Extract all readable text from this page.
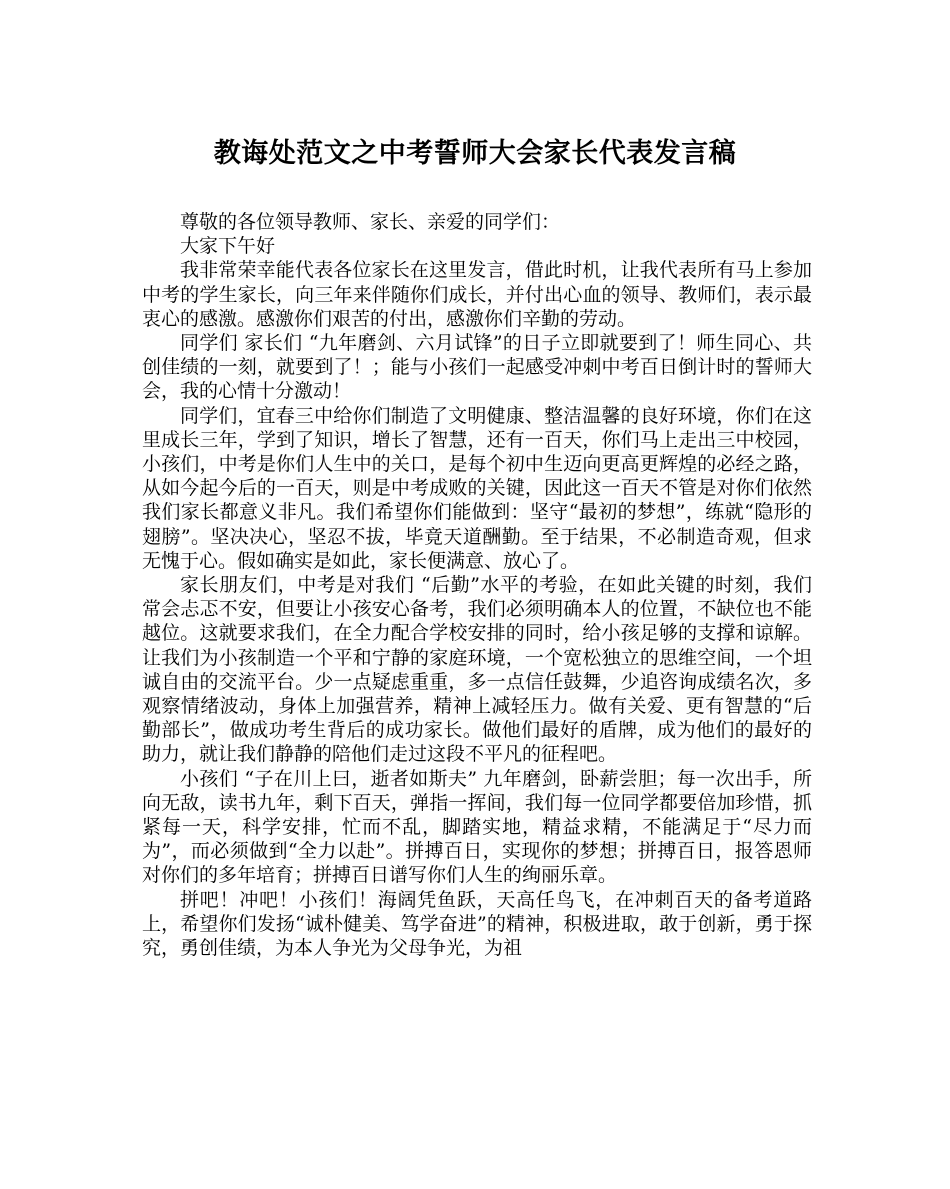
教诲处范文之中考誓师大会家长代表发言稿

尊敬的各位领导教师、家长、亲爱的同学们：

大家下午好

我非常荣幸能代表各位家长在这里发言，借此时机，让我代表所有马上参加中考的学生家长，向三年来伴随你们成长，并付出心血的领导、教师们，表示最衷心的感激。感激你们艰苦的付出，感激你们辛勤的劳动。

同学们 家长们 “九年磨剑、六月试锋”的日子立即就要到了！师生同心、共创佳绩的一刻，就要到了！；能与小孩们一起感受冲刺中考百日倒计时的誓师大会，我的心情十分激动！

同学们，宜春三中给你们制造了文明健康、整洁温馨的良好环境，你们在这里成长三年，学到了知识，增长了智慧，还有一百天，你们马上走出三中校园，小孩们，中考是你们人生中的关口，是每个初中生迈向更高更辉煌的必经之路，从如今起今后的一百天，则是中考成败的关键，因此这一百天不管是对你们依然我们家长都意义非凡。我们希望你们能做到：坚守“最初的梦想”，练就“隐形的翅膀”。坚决决心，坚忍不拔，毕竟天道酬勤。至于结果，不必制造奇观，但求无愧于心。假如确实是如此，家长便满意、放心了。

家长朋友们，中考是对我们 “后勤”水平的考验，在如此关键的时刻，我们常会忐忑不安，但要让小孩安心备考，我们必须明确本人的位置，不缺位也不能越位。这就要求我们，在全力配合学校安排的同时，给小孩足够的支撑和谅解。让我们为小孩制造一个平和宁静的家庭环境，一个宽松独立的思维空间，一个坦诚自由的交流平台。少一点疑虑重重，多一点信任鼓舞，少追咨询成绩名次，多观察情绪波动，身体上加强营养，精神上减轻压力。做有关爱、更有智慧的“后勤部长”，做成功考生背后的成功家长。做他们最好的盾牌，成为他们的最好的助力，就让我们静静的陪他们走过这段不平凡的征程吧。

小孩们 “子在川上曰，逝者如斯夫” 九年磨剑，卧薪尝胆；每一次出手，所向无敌，读书九年，剩下百天，弹指一挥间，我们每一位同学都要倍加珍惜，抓紧每一天，科学安排，忙而不乱，脚踏实地，精益求精，不能满足于“尽力而为”，而必须做到“全力以赴”。拼搏百日，实现你的梦想；拼搏百日，报答恩师对你们的多年培育；拼搏百日谱写你们人生的绚丽乐章。

拼吧！冲吧！小孩们！海阔凭鱼跃，天高任鸟飞，在冲刺百天的备考道路上，希望你们发扬“诚朴健美、笃学奋进”的精神，积极进取，敢于创新，勇于探究，勇创佳绩，为本人争光为父母争光，为祖
